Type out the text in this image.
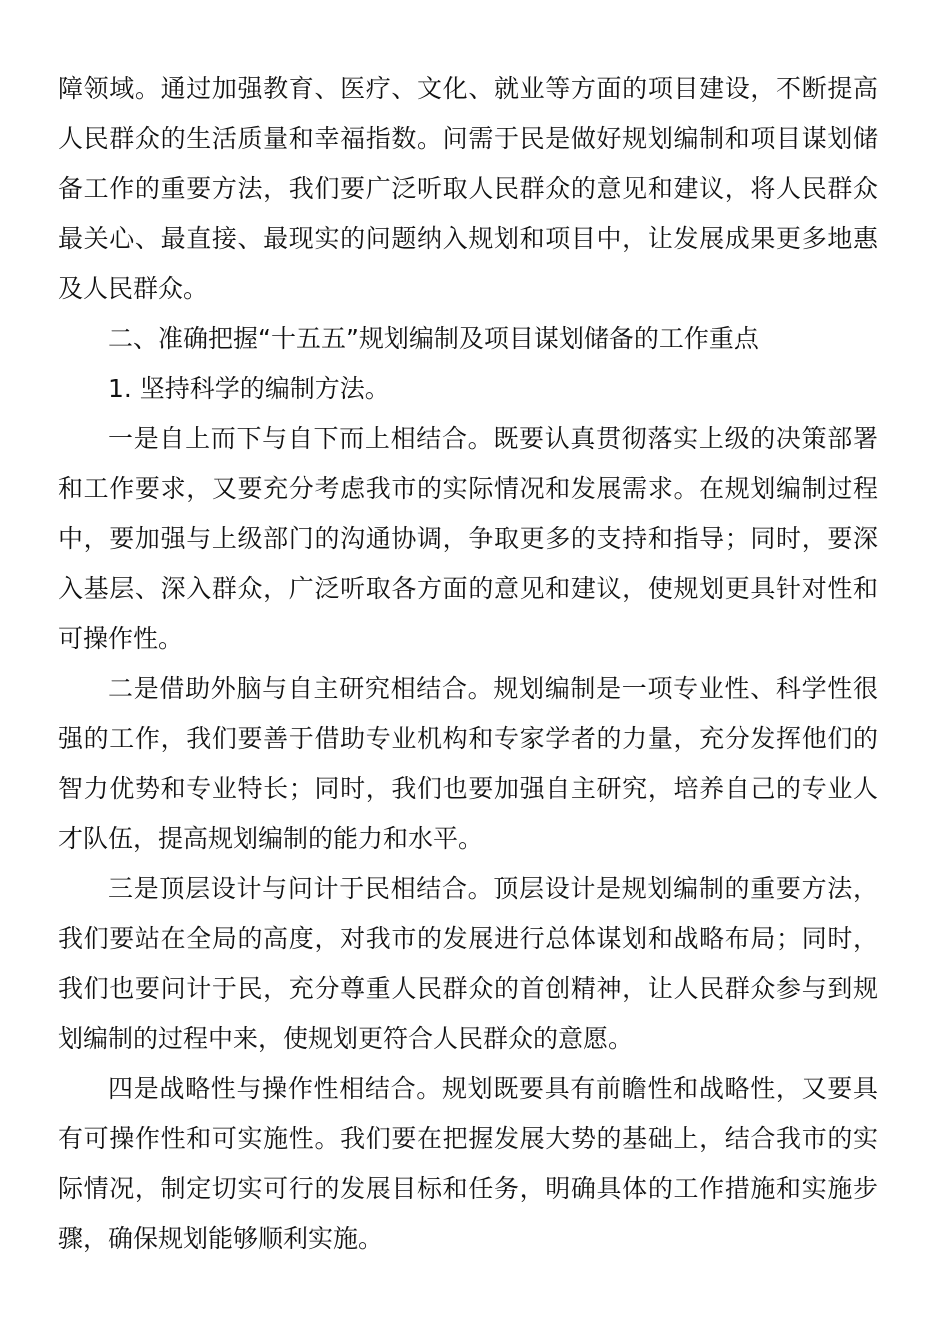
障领域。通过加强教育、医疗、文化、就业等方面的项目建设，不断提高人民群众的生活质量和幸福指数。问需于民是做好规划编制和项目谋划储备工作的重要方法，我们要广泛听取人民群众的意见和建议，将人民群众最关心、最直接、最现实的问题纳入规划和项目中，让发展成果更多地惠及人民群众。

二、准确把握“十五五”规划编制及项目谋划储备的工作重点

1. 坚持科学的编制方法。

一是自上而下与自下而上相结合。既要认真贯彻落实上级的决策部署和工作要求，又要充分考虑我市的实际情况和发展需求。在规划编制过程中，要加强与上级部门的沟通协调，争取更多的支持和指导；同时，要深入基层、深入群众，广泛听取各方面的意见和建议，使规划更具针对性和可操作性。

二是借助外脑与自主研究相结合。规划编制是一项专业性、科学性很强的工作，我们要善于借助专业机构和专家学者的力量，充分发挥他们的智力优势和专业特长；同时，我们也要加强自主研究，培养自己的专业人才队伍，提高规划编制的能力和水平。

三是顶层设计与问计于民相结合。顶层设计是规划编制的重要方法，我们要站在全局的高度，对我市的发展进行总体谋划和战略布局；同时，我们也要问计于民，充分尊重人民群众的首创精神，让人民群众参与到规划编制的过程中来，使规划更符合人民群众的意愿。

四是战略性与操作性相结合。规划既要具有前瞻性和战略性，又要具有可操作性和可实施性。我们要在把握发展大势的基础上，结合我市的实际情况，制定切实可行的发展目标和任务，明确具体的工作措施和实施步骤，确保规划能够顺利实施。
